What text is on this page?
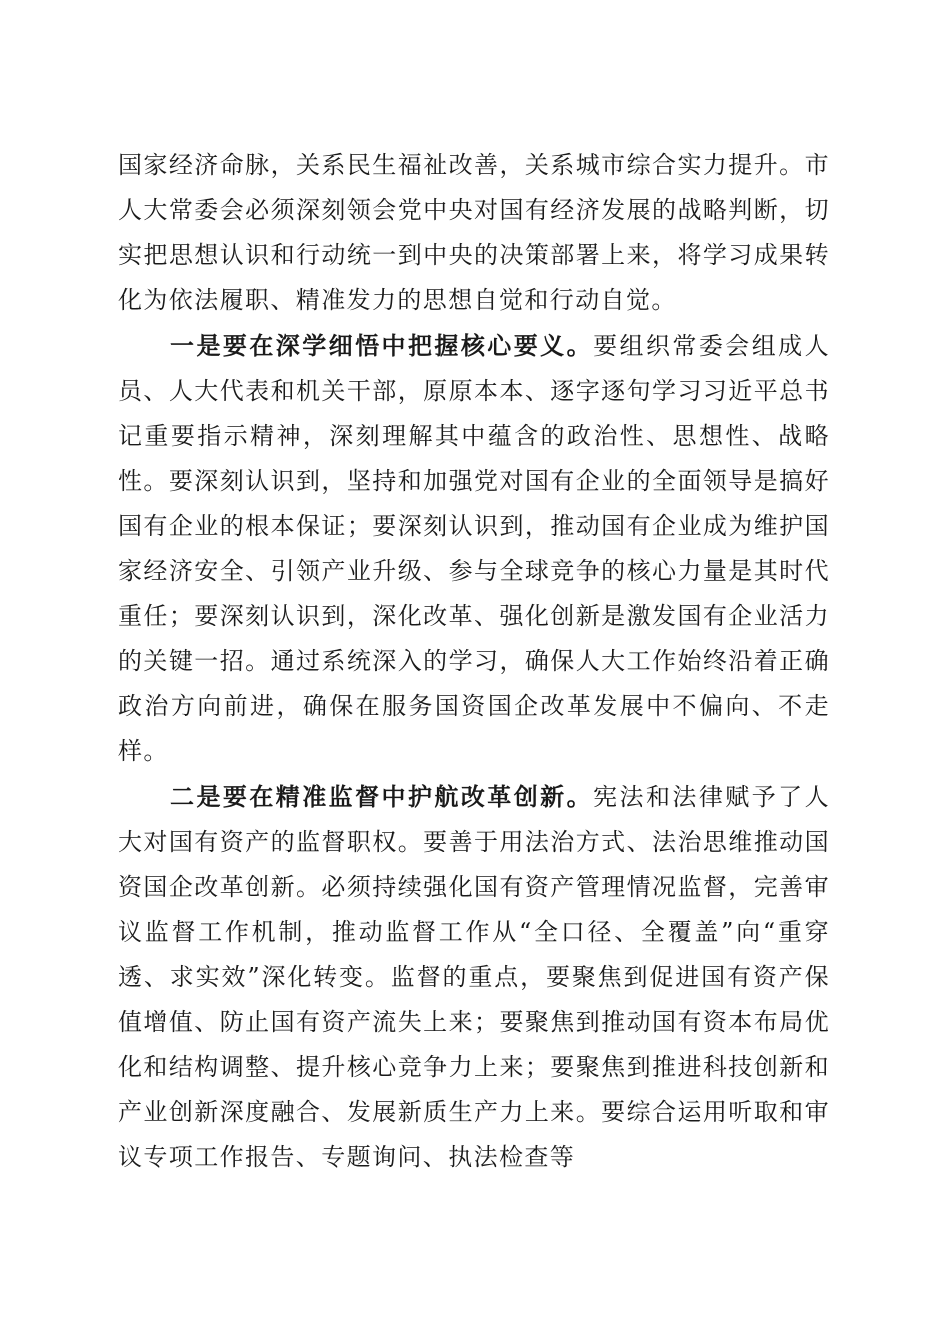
国家经济命脉，关系民生福祉改善，关系城市综合实力提升。市人大常委会必须深刻领会党中央对国有经济发展的战略判断，切实把思想认识和行动统一到中央的决策部署上来，将学习成果转化为依法履职、精准发力的思想自觉和行动自觉。

一是要在深学细悟中把握核心要义。要组织常委会组成人员、人大代表和机关干部，原原本本、逐字逐句学习习近平总书记重要指示精神，深刻理解其中蕴含的政治性、思想性、战略性。要深刻认识到，坚持和加强党对国有企业的全面领导是搞好国有企业的根本保证；要深刻认识到，推动国有企业成为维护国家经济安全、引领产业升级、参与全球竞争的核心力量是其时代重任；要深刻认识到，深化改革、强化创新是激发国有企业活力的关键一招。通过系统深入的学习，确保人大工作始终沿着正确政治方向前进，确保在服务国资国企改革发展中不偏向、不走样。

二是要在精准监督中护航改革创新。宪法和法律赋予了人大对国有资产的监督职权。要善于用法治方式、法治思维推动国资国企改革创新。必须持续强化国有资产管理情况监督，完善审议监督工作机制，推动监督工作从“全口径、全覆盖”向“重穿透、求实效”深化转变。监督的重点，要聚焦到促进国有资产保值增值、防止国有资产流失上来；要聚焦到推动国有资本布局优化和结构调整、提升核心竞争力上来；要聚焦到推进科技创新和产业创新深度融合、发展新质生产力上来。要综合运用听取和审议专项工作报告、专题询问、执法检查等
